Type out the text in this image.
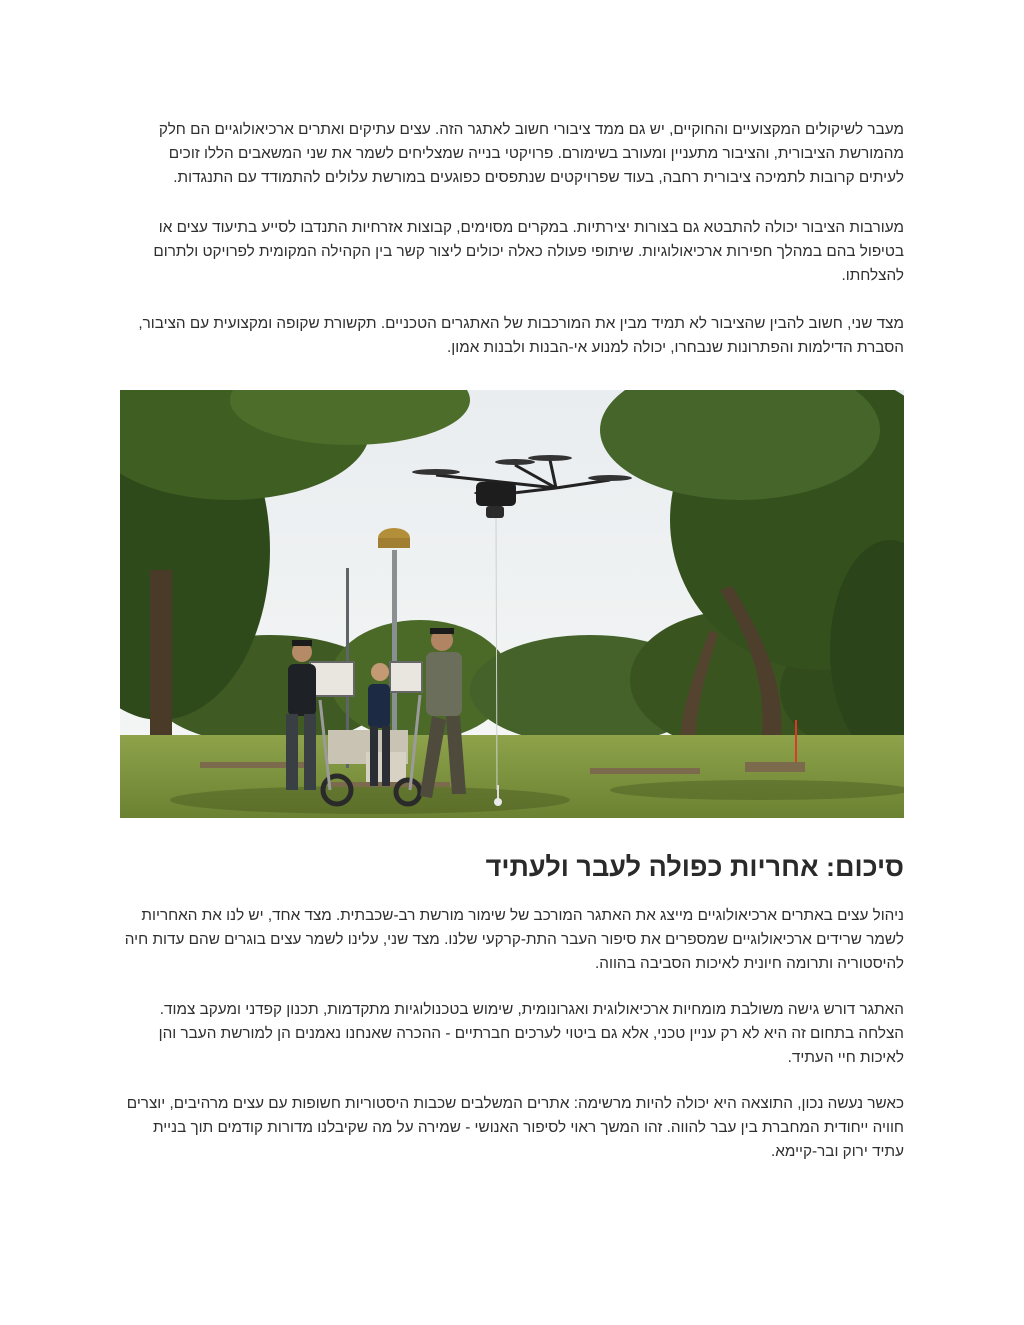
מעבר לשיקולים המקצועיים והחוקיים, יש גם ממד ציבורי חשוב לאתגר הזה. עצים עתיקים ואתרים ארכיאולוגיים הם חלק מהמורשת הציבורית, והציבור מתעניין ומעורב בשימורם. פרויקטי בנייה שמצליחים לשמר את שני המשאבים הללו זוכים לעיתים קרובות לתמיכה ציבורית רחבה, בעוד שפרויקטים שנתפסים כפוגעים במורשת עלולים להתמודד עם התנגדות.

מעורבות הציבור יכולה להתבטא גם בצורות יצירתיות. במקרים מסוימים, קבוצות אזרחיות התנדבו לסייע בתיעוד עצים או בטיפול בהם במהלך חפירות ארכיאולוגיות. שיתופי פעולה כאלה יכולים ליצור קשר בין הקהילה המקומית לפרויקט ולתרום להצלחתו.

מצד שני, חשוב להבין שהציבור לא תמיד מבין את המורכבות של האתגרים הטכניים. תקשורת שקופה ומקצועית עם הציבור, הסברת הדילמות והפתרונות שנבחרו, יכולה למנוע אי-הבנות ולבנות אמון.

סיכום: אחריות כפולה לעבר ולעתיד

ניהול עצים באתרים ארכיאולוגיים מייצג את האתגר המורכב של שימור מורשת רב-שכבתית. מצד אחד, יש לנו את האחריות לשמר שרידים ארכיאולוגיים שמספרים את סיפור העבר התת-קרקעי שלנו. מצד שני, עלינו לשמר עצים בוגרים שהם עדות חיה להיסטוריה ותרומה חיונית לאיכות הסביבה בהווה.

האתגר דורש גישה משולבת מומחיות ארכיאולוגית ואגרונומית, שימוש בטכנולוגיות מתקדמות, תכנון קפדני ומעקב צמוד. הצלחה בתחום זה היא לא רק עניין טכני, אלא גם ביטוי לערכים חברתיים - ההכרה שאנחנו נאמנים הן למורשת העבר והן לאיכות חיי העתיד.

כאשר נעשה נכון, התוצאה היא יכולה להיות מרשימה: אתרים המשלבים שכבות היסטוריות חשופות עם עצים מרהיבים, יוצרים חוויה ייחודית המחברת בין עבר להווה. זהו המשך ראוי לסיפור האנושי - שמירה על מה שקיבלנו מדורות קודמים תוך בניית עתיד ירוק ובר-קיימא.
